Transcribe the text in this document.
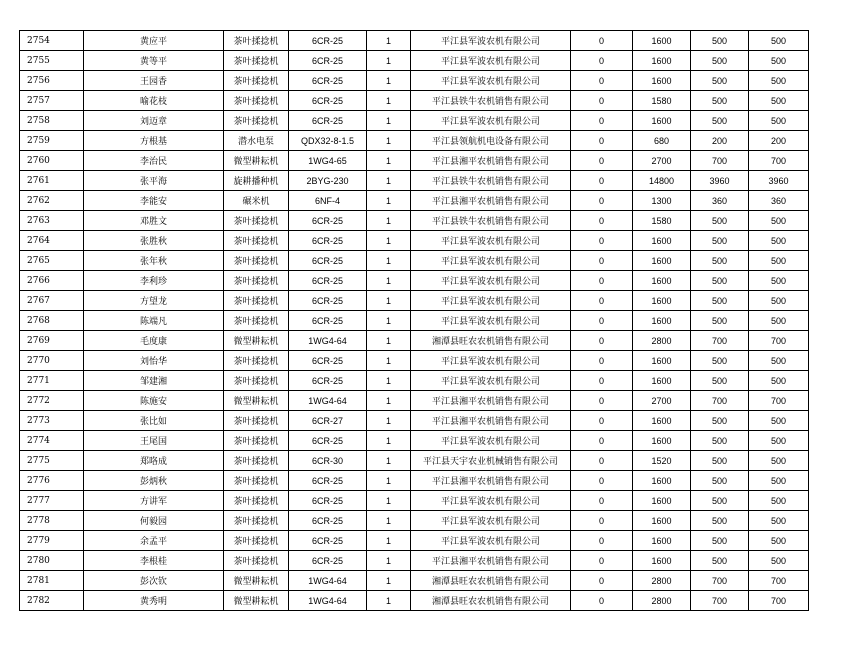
2754	黄应平	茶叶揉捻机	6CR-25	1	平江县军波农机有限公司	0	1600	500	500
2755	黄等平	茶叶揉捻机	6CR-25	1	平江县军波农机有限公司	0	1600	500	500
2756	王园香	茶叶揉捻机	6CR-25	1	平江县军波农机有限公司	0	1600	500	500
2757	喻花枝	茶叶揉捻机	6CR-25	1	平江县铁牛农机销售有限公司	0	1580	500	500
2758	刘迈章	茶叶揉捻机	6CR-25	1	平江县军波农机有限公司	0	1600	500	500
2759	方根基	潜水电泵	QDX32-8-1.5	1	平江县领航机电设备有限公司	0	680	200	200
2760	李治民	微型耕耘机	1WG4-65	1	平江县湘平农机销售有限公司	0	2700	700	700
2761	张平海	旋耕播种机	2BYG-230	1	平江县铁牛农机销售有限公司	0	14800	3960	3960
2762	李能安	碾米机	6NF-4	1	平江县湘平农机销售有限公司	0	1300	360	360
2763	邓胜文	茶叶揉捻机	6CR-25	1	平江县铁牛农机销售有限公司	0	1580	500	500
2764	张胜秋	茶叶揉捻机	6CR-25	1	平江县军波农机有限公司	0	1600	500	500
2765	张年秋	茶叶揉捻机	6CR-25	1	平江县军波农机有限公司	0	1600	500	500
2766	李利珍	茶叶揉捻机	6CR-25	1	平江县军波农机有限公司	0	1600	500	500
2767	方望龙	茶叶揉捻机	6CR-25	1	平江县军波农机有限公司	0	1600	500	500
2768	陈端凡	茶叶揉捻机	6CR-25	1	平江县军波农机有限公司	0	1600	500	500
2769	毛度康	微型耕耘机	1WG4-64	1	湘潭县旺农农机销售有限公司	0	2800	700	700
2770	刘怡华	茶叶揉捻机	6CR-25	1	平江县军波农机有限公司	0	1600	500	500
2771	邹建湘	茶叶揉捻机	6CR-25	1	平江县军波农机有限公司	0	1600	500	500
2772	陈施安	微型耕耘机	1WG4-64	1	平江县湘平农机销售有限公司	0	2700	700	700
2773	张比如	茶叶揉捻机	6CR-27	1	平江县湘平农机销售有限公司	0	1600	500	500
2774	王尾国	茶叶揉捻机	6CR-25	1	平江县军波农机有限公司	0	1600	500	500
2775	郑咯成	茶叶揉捻机	6CR-30	1	平江县天宇农业机械销售有限公司	0	1520	500	500
2776	彭炳秋	茶叶揉捻机	6CR-25	1	平江县湘平农机销售有限公司	0	1600	500	500
2777	方讲军	茶叶揉捻机	6CR-25	1	平江县军波农机有限公司	0	1600	500	500
2778	何毅园	茶叶揉捻机	6CR-25	1	平江县军波农机有限公司	0	1600	500	500
2779	余孟平	茶叶揉捻机	6CR-25	1	平江县军波农机有限公司	0	1600	500	500
2780	李根桂	茶叶揉捻机	6CR-25	1	平江县湘平农机销售有限公司	0	1600	500	500
2781	彭次钦	微型耕耘机	1WG4-64	1	湘潭县旺农农机销售有限公司	0	2800	700	700
2782	黄秀明	微型耕耘机	1WG4-64	1	湘潭县旺农农机销售有限公司	0	2800	700	700
